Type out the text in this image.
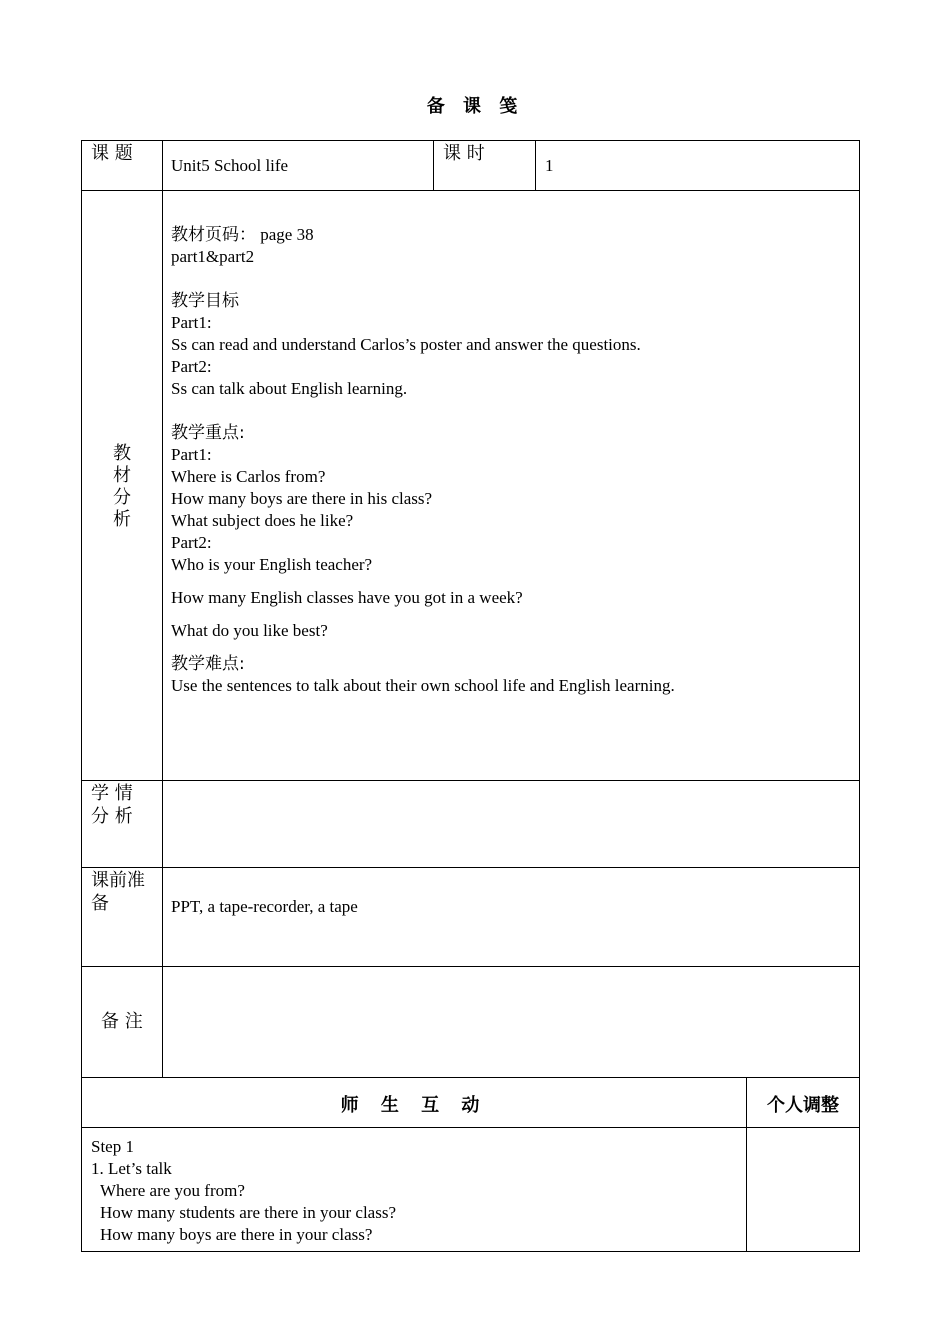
备 课 笺
课 题
Unit5 School life
课 时
1
教材分析
教材页码： page 38
part1&part2
教学目标
Part1:
Ss can read and understand Carlos’s poster and answer the questions.
Part2:
Ss can talk about English learning.
教学重点:
Part1:
Where is Carlos from?
How many boys are there in his class?
What subject does he like?
Part2:
Who is your English teacher?
How many English classes have you got in a week?
What do you like best?
教学难点:
Use the sentences to talk about their own school life and English learning.
学 情 分 析
课前准备	PPT, a tape-recorder, a tape
备 注
师 生 互 动	个人调整
Step 1
1. Let’s talk
Where are you from?
How many students are there in your class?
How many boys are there in your class?
